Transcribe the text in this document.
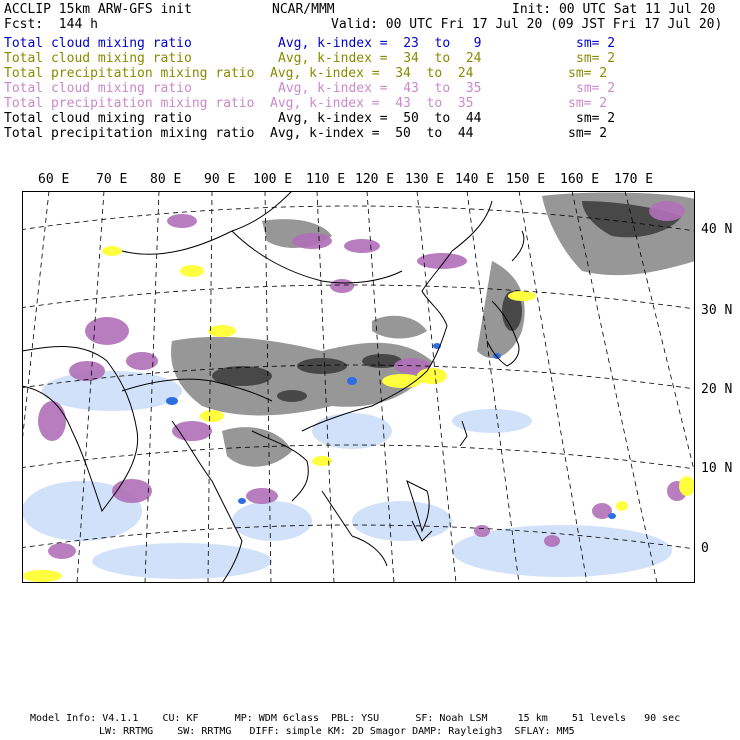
ACCLIP 15km ARW-GFS init	NCAR/MMM	Init: 00 UTC Sat 11 Jul 20
Fcst:  144 h	Valid: 00 UTC Fri 17 Jul 20 (09 JST Fri 17 Jul 20)
Total cloud mixing ratio	Avg, k-index =  23  to   9	sm= 2
Total cloud mixing ratio	Avg, k-index =  34  to  24	sm= 2
Total precipitation mixing ratio Avg, k-index =  34  to  24	sm= 2
Total cloud mixing ratio	Avg, k-index =  43  to  35	sm= 2
Total precipitation mixing ratio Avg, k-index =  43  to  35	sm= 2
Total cloud mixing ratio	Avg, k-index =  50  to  44	sm= 2
Total precipitation mixing ratio Avg, k-index =  50  to  44	sm= 2
60 E 70 E 80 E 90 E 100 E 110 E 120 E 130 E 140 E 150 E 160 E 170 E
40 N
30 N
20 N
10 N
0
Model Info: V4.1.1    CU: KF      MP: WDM 6class  PBL: YSU      SF: Noah LSM     15 km    51 levels   90 sec
LW: RRTMG    SW: RRTMG   DIFF: simple KM: 2D Smagor DAMP: Rayleigh3  SFLAY: MM5
